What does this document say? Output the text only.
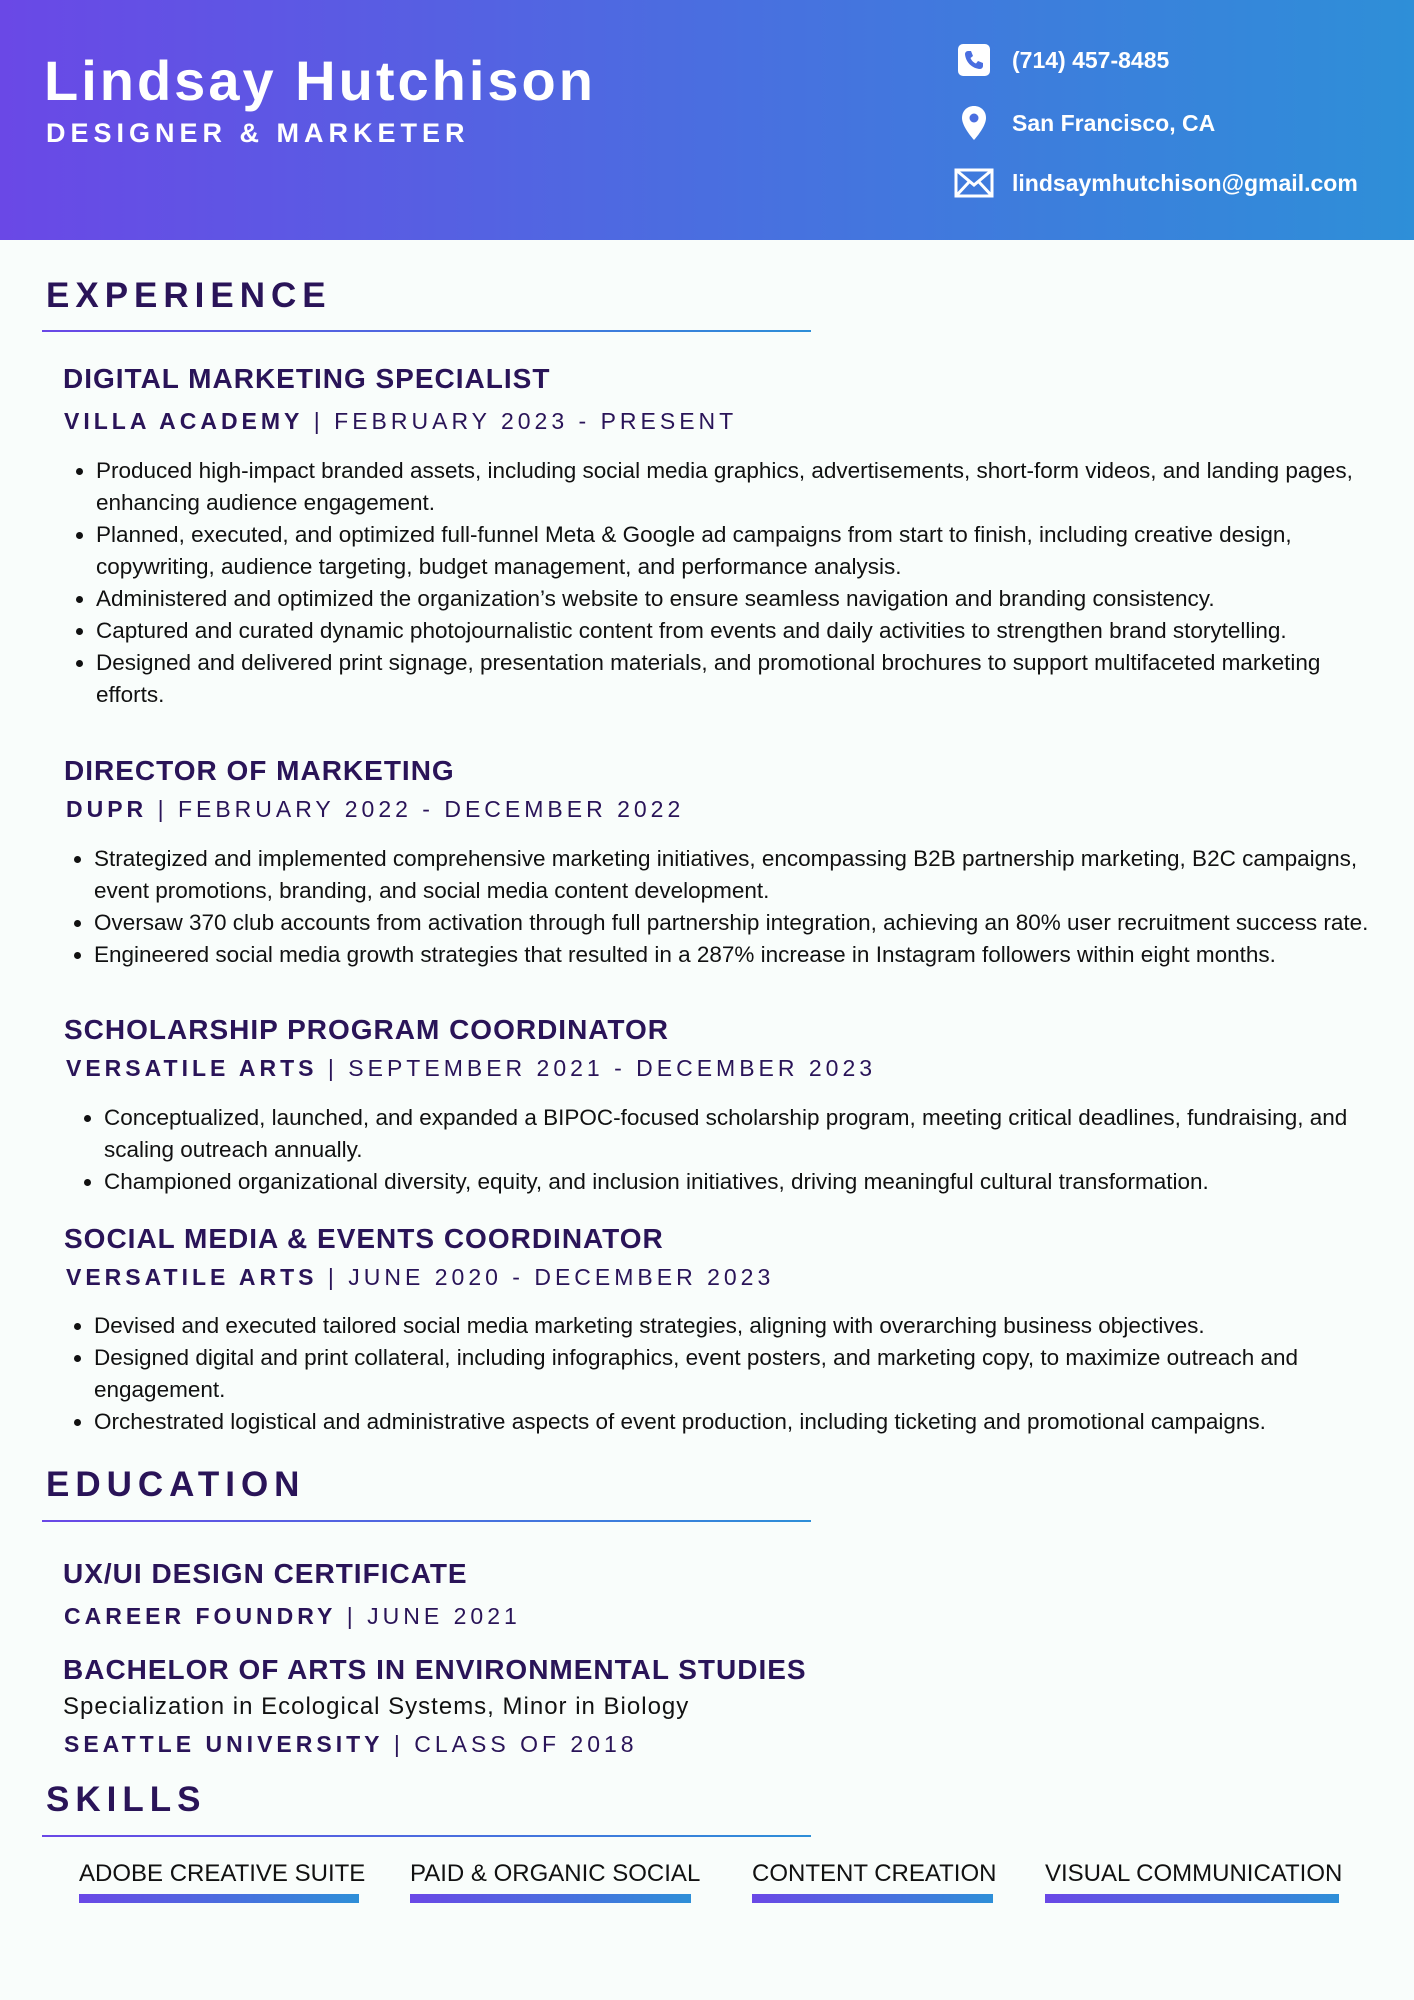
Lindsay Hutchison
DESIGNER & MARKETER
(714) 457-8485
San Francisco, CA
lindsaymhutchison@gmail.com
EXPERIENCE
DIGITAL MARKETING SPECIALIST
VILLA ACADEMY | FEBRUARY 2023 - PRESENT
• Produced high-impact branded assets, including social media graphics, advertisements, short-form videos, and landing pages, enhancing audience engagement.
• Planned, executed, and optimized full-funnel Meta & Google ad campaigns from start to finish, including creative design, copywriting, audience targeting, budget management, and performance analysis.
• Administered and optimized the organization’s website to ensure seamless navigation and branding consistency.
• Captured and curated dynamic photojournalistic content from events and daily activities to strengthen brand storytelling.
• Designed and delivered print signage, presentation materials, and promotional brochures to support multifaceted marketing efforts.
DIRECTOR OF MARKETING
DUPR | FEBRUARY 2022 - DECEMBER 2022
• Strategized and implemented comprehensive marketing initiatives, encompassing B2B partnership marketing, B2C campaigns, event promotions, branding, and social media content development.
• Oversaw 370 club accounts from activation through full partnership integration, achieving an 80% user recruitment success rate.
• Engineered social media growth strategies that resulted in a 287% increase in Instagram followers within eight months.
SCHOLARSHIP PROGRAM COORDINATOR
VERSATILE ARTS | SEPTEMBER 2021 - DECEMBER 2023
• Conceptualized, launched, and expanded a BIPOC-focused scholarship program, meeting critical deadlines, fundraising, and scaling outreach annually.
• Championed organizational diversity, equity, and inclusion initiatives, driving meaningful cultural transformation.
SOCIAL MEDIA & EVENTS COORDINATOR
VERSATILE ARTS | JUNE 2020 - DECEMBER 2023
• Devised and executed tailored social media marketing strategies, aligning with overarching business objectives.
• Designed digital and print collateral, including infographics, event posters, and marketing copy, to maximize outreach and engagement.
• Orchestrated logistical and administrative aspects of event production, including ticketing and promotional campaigns.
EDUCATION
UX/UI DESIGN CERTIFICATE
CAREER FOUNDRY | JUNE 2021
BACHELOR OF ARTS IN ENVIRONMENTAL STUDIES
Specialization in Ecological Systems, Minor in Biology
SEATTLE UNIVERSITY | CLASS OF 2018
SKILLS
ADOBE CREATIVE SUITE PAID & ORGANIC SOCIAL CONTENT CREATION VISUAL COMMUNICATION
